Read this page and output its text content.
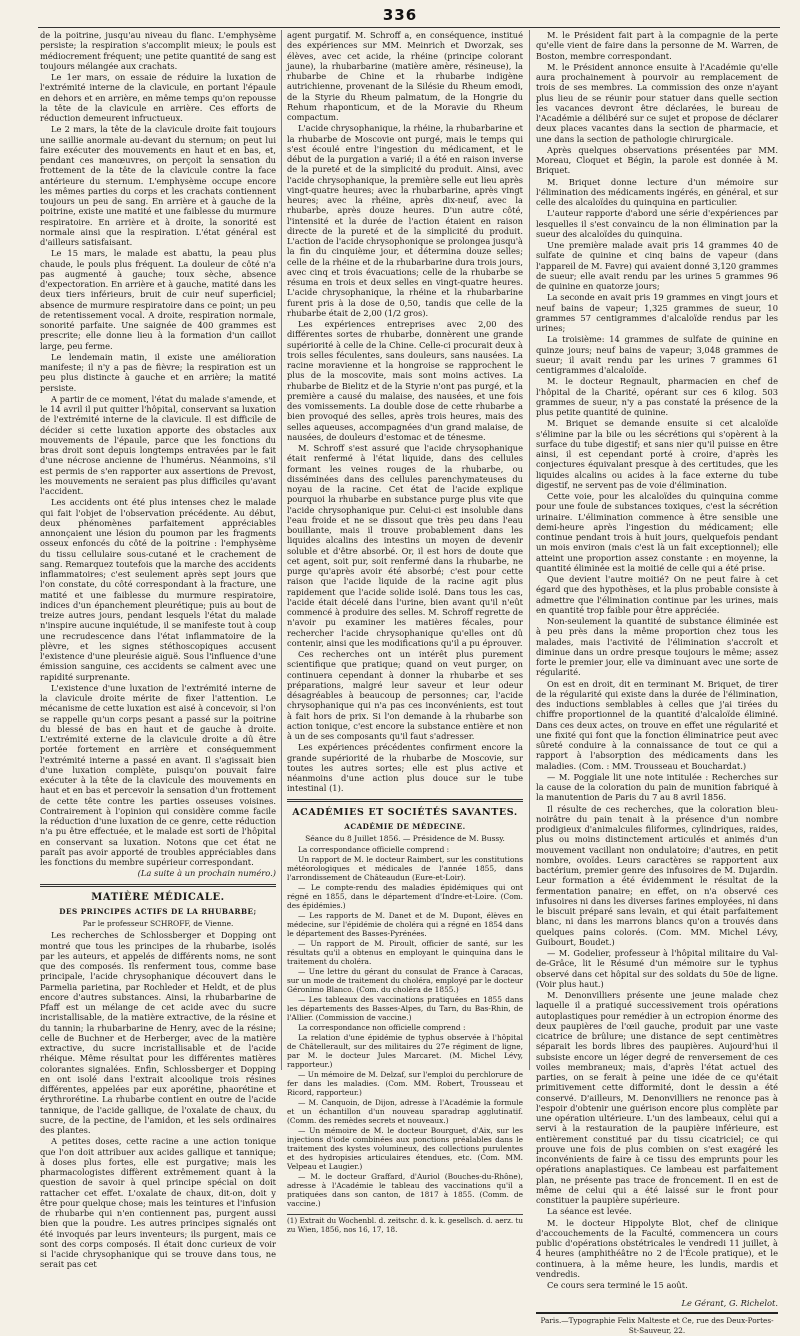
336

de la poitrine, jusqu'au niveau du flanc. L'emphysème persiste; la respiration s'accomplit mieux; le pouls est médiocrement fréquent; une petite quantité de sang est toujours mélangée aux crachats.

Le 1er mars, on essaie de réduire la luxation de l'extrémité interne de la clavicule, en portant l'épaule en dehors et en arrière, en même temps qu'on repousse la tête de la clavicule en arrière. Ces efforts de réduction demeurent infructueux.

Le 2 mars, la tête de la clavicule droite fait toujours une saillie anormale au-devant du sternum; on peut lui faire exécuter des mouvements en haut et en bas, et, pendant ces manœuvres, on perçoit la sensation du frottement de la tête de la clavicule contre la face antérieure du sternum. L'emphysème occupe encore les mêmes parties du corps et les crachats contiennent toujours un peu de sang. En arrière et à gauche de la poitrine, existe une matité et une faiblesse du murmure respiratoire. En arrière et à droite, la sonorité est normale ainsi que la respiration. L'état général est d'ailleurs satisfaisant.

Le 15 mars, le malade est abattu, la peau plus chaude, le pouls plus fréquent. La douleur de côté n'a pas augmenté à gauche; toux sèche, absence d'expectoration. En arrière et à gauche, matité dans les deux tiers inférieurs, bruit de cuir neuf superficiel; absence de murmure respiratoire dans ce point; un peu de retentissement vocal. A droite, respiration normale, sonorité parfaite. Une saignée de 400 grammes est prescrite; elle donne lieu à la formation d'un caillot large, peu ferme.

Le lendemain matin, il existe une amélioration manifeste; il n'y a pas de fièvre; la respiration est un peu plus distincte à gauche et en arrière; la matité persiste.

A partir de ce moment, l'état du malade s'amende, et le 14 avril il put quitter l'hôpital, conservant sa luxation de l'extrémité interne de la clavicule. Il est difficile de décider si cette luxation apporte des obstacles aux mouvements de l'épaule, parce que les fonctions du bras droit sont depuis longtemps entravées par le fait d'une nécrose ancienne de l'humérus. Néanmoins, s'il est permis de s'en rapporter aux assertions de Prevost, les mouvements ne seraient pas plus difficiles qu'avant l'accident.

Les accidents ont été plus intenses chez le malade qui fait l'objet de l'observation précédente. Au début, deux phénomènes parfaitement appréciables annonçaient une lésion du poumon par les fragments osseux enfoncés du côté de la poitrine : l'emphysème du tissu cellulaire sous-cutané et le crachement de sang. Remarquez toutefois que la marche des accidents inflammatoires; c'est seulement après sept jours que l'on constate, du côté correspondant à la fracture, une matité et une faiblesse du murmure respiratoire, indices d'un épanchement pleurétique; puis au bout de treize autres jours, pendant lesquels l'état du malade n'inspire aucune inquiétude, il se manifeste tout à coup une recrudescence dans l'état inflammatoire de la plèvre, et les signes stéthoscopiques accusent l'existence d'une pleurésie aiguë. Sous l'influence d'une émission sanguine, ces accidents se calment avec une rapidité surprenante.

L'existence d'une luxation de l'extrémité interne de la clavicule droite mérite de fixer l'attention. Le mécanisme de cette luxation est aisé à concevoir, si l'on se rappelle qu'un corps pesant a passé sur la poitrine du blessé de bas en haut et de gauche à droite. L'extrémité externe de la clavicule droite a dû être portée fortement en arrière et conséquemment l'extrémité interne a passé en avant. Il s'agissait bien d'une luxation complète, puisqu'on pouvait faire exécuter à la tête de la clavicule des mouvements en haut et en bas et percevoir la sensation d'un frottement de cette tête contre les parties osseuses voisines. Contrairement à l'opinion qui considère comme facile la réduction d'une luxation de ce genre, cette réduction n'a pu être effectuée, et le malade est sorti de l'hôpital en conservant sa luxation. Notons que cet état ne paraît pas avoir apporté de troubles appréciables dans les fonctions du membre supérieur correspondant.

(La suite à un prochain numéro.)

MATIÈRE MÉDICALE.

DES PRINCIPES ACTIFS DE LA RHUBARBE;

Par le professeur SCHROFF, de Vienne.

Les recherches de Schlossberger et Dopping ont montré que tous les principes de la rhubarbe, isolés par les auteurs, et appelés de différents noms, ne sont que des composés. Ils renferment tous, comme base principale, l'acide chrysophanique découvert dans le Parmelia parietina, par Rochleder et Heldt, et de plus encore d'autres substances. Ainsi, la rhubarbarine de Pfaff est un mélange de cet acide avec du sucre incristallisable, de la matière extractive, de la résine et du tannin; la rhubarbarine de Henry, avec de la résine; celle de Buchner et de Herberger, avec de la matière extractive, du sucre incristallisable et de l'acide rhéique. Même résultat pour les différentes matières colorantes signalées. Enfin, Schlossberger et Dopping en ont isolé dans l'extrait alcoolique trois résines différentes, appelées par eux aporétine, phaorétine et érythrorétine. La rhubarbe contient en outre de l'acide tannique, de l'acide gallique, de l'oxalate de chaux, du sucre, de la pectine, de l'amidon, et les sels ordinaires des plantes.

A petites doses, cette racine a une action tonique que l'on doit attribuer aux acides gallique et tannique; à doses plus fortes, elle est purgative; mais les pharmacologistes diffèrent extrêmement quant à la question de savoir à quel principe spécial on doit rattacher cet effet. L'oxalate de chaux, dit-on, doit y être pour quelque chose; mais les teintures et l'infusion de rhubarbe qui n'en contiennent pas, purgent aussi bien que la poudre. Les autres principes signalés ont été invoqués par leurs inventeurs; ils purgent, mais ce sont des corps composés. Il était donc curieux de voir si l'acide chrysophanique qui se trouve dans tous, ne serait pas cet

agent purgatif. M. Schroff a, en conséquence, institué des expériences sur MM. Meinrich et Dworzak, ses élèves, avec cet acide, la rhéine (principe colorant jaune), la rhubarbarine (matière amère, résineuse), la rhubarbe de Chine et la rhubarbe indigène autrichienne, provenant de la Silésie du Rheum emodi, de la Styrie du Rheum palmatum, de la Hongrie du Rehum rhaponticum, et de la Moravie du Rheum compactum.

L'acide chrysophanique, la rhéine, la rhubarbarine et la rhubarbe de Moscovie ont purgé, mais le temps qui s'est écoulé entre l'ingestion du médicament, et le début de la purgation a varié; il a été en raison inverse de la pureté et de la simplicité du produit. Ainsi, avec l'acide chrysophanique, la première selle eut lieu après vingt-quatre heures; avec la rhubarbarine, après vingt heures; avec la rhéine, après dix-neuf, avec la rhubarbe, après douze heures. D'un autre côté, l'intensité et la durée de l'action étaient en raison directe de la pureté et de la simplicité du produit. L'action de l'acide chrysophonique se prolongea jusqu'à la fin du cinquième jour, et détermina douze selles; celle de la rhéine et de la rhubarbarine dura trois jours, avec cinq et trois évacuations; celle de la rhubarbe se résuma en trois et deux selles en vingt-quatre heures. L'acide chrysophanique, la rhéine et la rhubarbarine furent pris à la dose de 0,50, tandis que celle de la rhubarbe était de 2,00 (1/2 gros).

Les expériences entreprises avec 2,00 des différentes sortes de rhubarbe, donnèrent une grande supériorité à celle de la Chine. Celle-ci procurait deux à trois selles féculentes, sans douleurs, sans nausées. La racine moravienne et la hongroise se rapprochent le plus de la moscovite, mais sont moins actives. La rhubarbe de Bielitz et de la Styrie n'ont pas purgé, et la première a causé du malaise, des nausées, et une fois des vomissements. La double dose de cette rhubarbe a bien provoqué des selles, après trois heures, mais des selles aqueuses, accompagnées d'un grand malaise, de nausées, de douleurs d'estomac et de ténesme.

M. Schroff s'est assuré que l'acide chrysophanique était renfermé à l'état liquide, dans des cellules formant les veines rouges de la rhubarbe, ou disséminées dans des cellules parenchymateuses du noyau de la racine. Cet état de l'acide explique pourquoi la rhubarbe en substance purge plus vite que l'acide chrysophanique pur. Celui-ci est insoluble dans l'eau froide et ne se dissout que très peu dans l'eau bouillante, mais il trouve probablement dans les liquides alcalins des intestins un moyen de devenir soluble et d'être absorbé. Or, il est hors de doute que cet agent, soit pur, soit renfermé dans la rhubarbe, ne purge qu'après avoir été absorbé; c'est pour cette raison que l'acide liquide de la racine agit plus rapidement que l'acide solide isolé. Dans tous les cas, l'acide était décelé dans l'urine, bien avant qu'il n'eût commencé à produire des selles. M. Schroff regrette de n'avoir pu examiner les matières fécales, pour rechercher l'acide chrysophanique qu'elles ont dû contenir, ainsi que les modifications qu'il a pu éprouver.

Ces recherches ont un intérêt plus purement scientifique que pratique; quand on veut purger, on continuera cependant à donner la rhubarbe et ses préparations, malgré leur saveur et leur odeur désagréables à beaucoup de personnes; car, l'acide chrysophanique qui n'a pas ces inconvénients, est tout à fait hors de prix. Si l'on demande à la rhubarbe son action tonique, c'est encore la substance entière et non à un de ses composants qu'il faut s'adresser.

Les expériences précédentes confirment encore la grande supériorité de la rhubarbe de Moscovie, sur toutes les autres sortes; elle est plus active et néanmoins d'une action plus douce sur le tube intestinal (1).

ACADÉMIES ET SOCIÉTÉS SAVANTES.

ACADÉMIE DE MÉDECINE.

Séance du 8 Juillet 1856. — Présidence de M. Bussy.

La correspondance officielle comprend :

Un rapport de M. le docteur Raimbert, sur les constitutions météorologiques et médicales de l'année 1855, dans l'arrondissement de Châteaudun (Eure-et-Loir).

— Le compte-rendu des maladies épidémiques qui ont régné en 1855, dans le département d'Indre-et-Loire. (Com. des épidémies.)

— Les rapports de M. Danet et de M. Dupont, élèves en médecine, sur l'épidémie de choléra qui a régné en 1854 dans le département des Basses-Pyrénées.

— Un rapport de M. Piroult, officier de santé, sur les résultats qu'il a obtenus en employant le quinquina dans le traitement du choléra.

— Une lettre du gérant du consulat de France à Caracas, sur un mode de traitement du choléra, employé par le docteur Géronimo Blanco. (Com. du choléra de 1855.)

— Les tableaux des vaccinations pratiquées en 1855 dans les départements des Basses-Alpes, du Tarn, du Bas-Rhin, de l'Allier. (Commission de vaccine.)

La correspondance non officielle comprend :

La relation d'une épidémie de typhus observée à l'hôpital de Châtellerault, sur des militaires du 27e régiment de ligne, par M. le docteur Jules Marcaret. (M. Michel Lévy, rapporteur.)

— Un mémoire de M. Delzaf, sur l'emploi du perchlorure de fer dans les maladies. (Com. MM. Robert, Trousseau et Ricord, rapporteur.)

— M. Canquoin, de Dijon, adresse à l'Académie la formule et un échantillon d'un nouveau sparadrap agglutinatif. (Comm. des remèdes secrets et nouveaux.)

— Un mémoire de M. le docteur Bourguet, d'Aix, sur les injections d'iode combinées aux ponctions préalables dans le traitement des kystes volumineux, des collections purulentes et des hydropisies articulaires étendues, etc. (Com. MM. Velpeau et Laugier.)

— M. le docteur Graffard, d'Auriol (Bouches-du-Rhône), adresse à l'Académie le tableau des vaccinations qu'il a pratiquées dans son canton, de 1817 à 1855. (Comm. de vaccine.)

(1) Extrait du Wochenbl. d. zeitschr. d. k. k. gesellsch. d. aerz. tu zu Wien, 1856, nos 16, 17, 18.

M. le Président fait part à la compagnie de la perte qu'elle vient de faire dans la personne de M. Warren, de Boston, membre correspondant.

M. le Président annonce ensuite à l'Académie qu'elle aura prochainement à pourvoir au remplacement de trois de ses membres. La commission des onze n'ayant plus lieu de se réunir pour statuer dans quelle section les vacances devront être déclarées, le bureau de l'Académie a délibéré sur ce sujet et propose de déclarer deux places vacantes dans la section de pharmacie, et une dans la section de pathologie chirurgicale.

Après quelques observations présentées par MM. Moreau, Cloquet et Bégin, la parole est donnée à M. Briquet.

M. Briquet donne lecture d'un mémoire sur l'élimination des médicaments ingérés, en général, et sur celle des alcaloïdes du quinquina en particulier.

L'auteur rapporte d'abord une série d'expériences par lesquelles il s'est convaincu de la non élimination par la sueur des alcaloïdes du quinquina.

Une première malade avait pris 14 grammes 40 de sulfate de quinine et cinq bains de vapeur (dans l'appareil de M. Favre) qui avaient donné 3,120 grammes de sueur; elle avait rendu par les urines 5 grammes 96 de quinine en quatorze jours;

La seconde en avait pris 19 grammes en vingt jours et neuf bains de vapeur; 1,325 grammes de sueur, 10 grammes 57 centigrammes d'alcaloïde rendus par les urines;

La troisième: 14 grammes de sulfate de quinine en quinze jours; neuf bains de vapeur; 3,048 grammes de sueur; il avait rendu par les urines 7 grammes 61 centigrammes d'alcaloïde.

M. le docteur Regnault, pharmacien en chef de l'hôpital de la Charité, opérant sur ces 6 kilog. 503 grammes de sueur, n'y a pas constaté la présence de la plus petite quantité de quinine.

M. Briquet se demande ensuite si cet alcaloïde s'élimine par la bile ou les sécrétions qui s'opèrent à la surface du tube digestif; et sans nier qu'il puisse en être ainsi, il est cependant porté à croire, d'après les conjectures équivalant presque à des certitudes, que les liquides alcalins ou acides à la face externe du tube digestif, ne servent pas de voie d'élimination.

Cette voie, pour les alcaloïdes du quinquina comme pour une foule de substances toxiques, c'est la sécrétion urinaire. L'élimination commence à être sensible une demi-heure après l'ingestion du médicament; elle continue pendant trois à huit jours, quelquefois pendant un mois environ (mais c'est là un fait exceptionnel); elle atteint une proportion assez constante : en moyenne, la quantité éliminée est la moitié de celle qui a été prise.

Que devient l'autre moitié? On ne peut faire à cet égard que des hypothèses, et la plus probable consiste à admettre que l'élimination continue par les urines, mais en quantité trop faible pour être appréciée.

Non-seulement la quantité de substance éliminée est à peu près dans la même proportion chez tous les malades, mais l'activité de l'élimination s'accroît et diminue dans un ordre presque toujours le même; assez forte le premier jour, elle va diminuant avec une sorte de régularité.

On est en droit, dit en terminant M. Briquet, de tirer de la régularité qui existe dans la durée de l'élimination, des inductions semblables à celles que j'ai tirées du chiffre proportionnel de la quantité d'alcaloïde éliminé. Dans ces deux actes, on trouve en effet une régularité et une fixité qui font que la fonction éliminatrice peut avec sûreté conduire à la connaissance de tout ce qui a rapport à l'absorption des médicaments dans les maladies. (Com. : MM. Trousseau et Bouchardat.)

— M. Poggiale lit une note intitulée : Recherches sur la cause de la coloration du pain de munition fabriqué à la manutention de Paris du 7 au 8 avril 1856.

Il résulte de ces recherches, que la coloration bleu-noirâtre du pain tenait à la présence d'un nombre prodigieux d'animalcules filiformes, cylindriques, raides, plus ou moins distinctement articulés et animés d'un mouvement vacillant non ondulatoire; d'autres, en petit nombre, ovoïdes. Leurs caractères se rapportent aux bactérium, premier genre des infusoires de M. Dujardin. Leur formation a été évidemment le résultat de la fermentation panaire; en effet, on n'a observé ces infusoires ni dans les diverses farines employées, ni dans le biscuit préparé sans levain, et qui était parfaitement blanc, ni dans les marrons blancs qu'on a trouvés dans quelques pains colorés. (Com. MM. Michel Lévy, Guibourt, Boudet.)

— M. Godelier, professeur à l'hôpital militaire du Val-de-Grâce, lit le Résumé d'un mémoire sur le typhus observé dans cet hôpital sur des soldats du 50e de ligne. (Voir plus haut.)

M. Denonvilliers présente une jeune malade chez laquelle il a pratiqué successivement trois opérations autoplastiques pour remédier à un ectropion énorme des deux paupières de l'œil gauche, produit par une vaste cicatrice de brûlure; une distance de sept centimètres séparait les bords libres des paupières. Aujourd'hui il subsiste encore un léger degré de renversement de ces voiles membraneux; mais, d'après l'état actuel des parties, on se ferait à peine une idée de ce qu'était primitivement cette difformité, dont le dessin a été conservé. D'ailleurs, M. Denonvilliers ne renonce pas à l'espoir d'obtenir une guérison encore plus complète par une opération ultérieure. L'un des lambeaux, celui qui a servi à la restauration de la paupière inférieure, est entièrement constitué par du tissu cicatriciel; ce qui prouve une fois de plus combien on s'est exagéré les inconvénients de faire à ce tissu des emprunts pour les opérations anaplastiques. Ce lambeau est parfaitement plan, ne présente pas trace de froncement. Il en est de même de celui qui a été laissé sur le front pour constituer la paupière supérieure.

La séance est levée.

M. le docteur Hippolyte Blot, chef de clinique d'accouchements de la Faculté, commencera un cours public d'opérations obstétricales le vendredi 11 juillet, à 4 heures (amphithéâtre no 2 de l'École pratique), et le continuera, à la même heure, les lundis, mardis et vendredis.

Ce cours sera terminé le 15 août.

Le Gérant, G. Richelot.

Paris.—Typographie Felix Malteste et Ce, rue des Deux-Portes-St-Sauveur, 22.
